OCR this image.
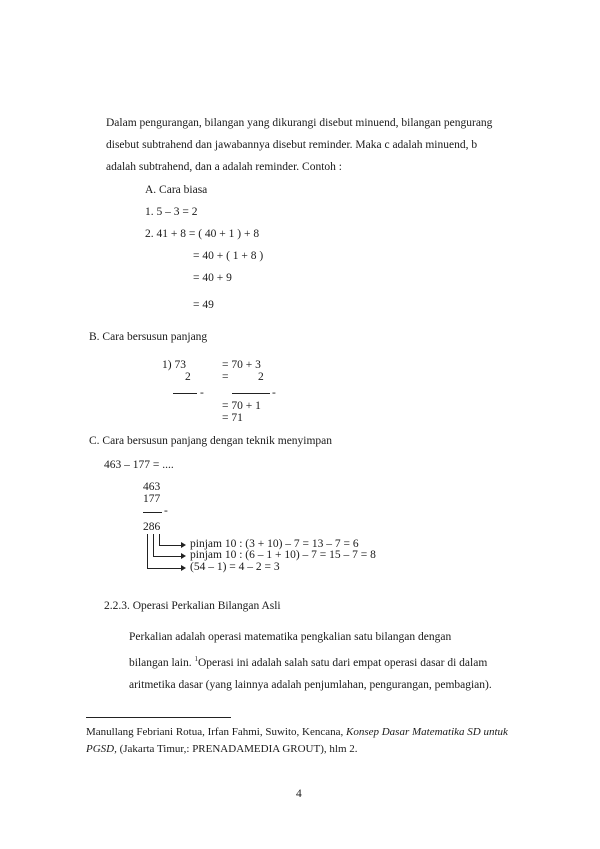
Dalam pengurangan, bilangan yang dikurangi disebut minuend, bilangan pengurang
disebut subtrahend dan jawabannya disebut reminder. Maka c adalah minuend, b
adalah subtrahend, dan a adalah reminder. Contoh :
A. Cara biasa
1. 5 – 3 = 2
2. 41 + 8 = ( 40 + 1 ) + 8
= 40 + ( 1 + 8 )
= 40 + 9
= 49
B. Cara bersusun panjang
1) 73
2
-
= 70 + 3
=	2
-
= 70 + 1
= 71
C. Cara bersusun panjang dengan teknik menyimpan
463 – 177 = ....
463
177
-
286
pinjam 10 : (3 + 10) – 7 = 13 – 7 = 6
pinjam 10 : (6 – 1 + 10) – 7 = 15 – 7 = 8
(54 – 1) = 4 – 2 = 3
2.2.3. Operasi Perkalian Bilangan Asli
Perkalian adalah operasi matematika pengkalian satu bilangan dengan
bilangan lain. $^1$Operasi ini adalah salah satu dari empat operasi dasar di dalam
aritmetika dasar (yang lainnya adalah penjumlahan, pengurangan, pembagian).
Manullang Febriani Rotua, Irfan Fahmi, Suwito, Kencana, Konsep Dasar Matematika SD untuk PGSD, (Jakarta Timur,: PRENADAMEDIA GROUT), hlm 2.
4
